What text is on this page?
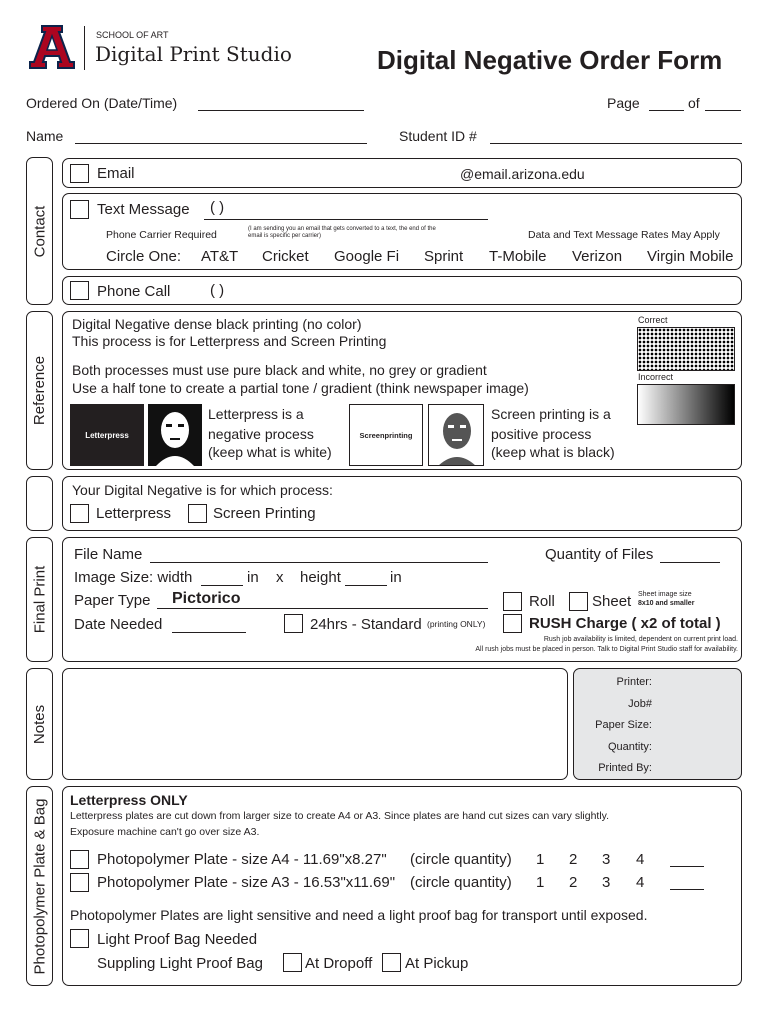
SCHOOL OF ART
Digital Print Studio	Digital Negative Order Form
Ordered On (Date/Time)	Page	of
Name	Student ID #
Contact
Email	@email.arizona.edu
Text Message ( )
Phone Carrier Required	(I am sending you an email that gets converted to a text, the end of the email is specific per carrier)	Data and Text Message Rates May Apply
Circle One: AT&T Cricket Google Fi Sprint T-Mobile Verizon Virgin Mobile
Phone Call	( )
Reference
Digital Negative dense black printing (no color)
This process is for Letterpress and Screen Printing
Both processes must use pure black and white, no grey or gradient
Use a half tone to create a partial tone / gradient (think newspaper image)
Correct
Incorrect
Letterpress
Letterpress is a
negative process
(keep what is white)
Screenprinting
Screen printing is a
positive process
(keep what is black)
Your Digital Negative is for which process:
Letterpress	Screen Printing
Final Print
File Name	Quantity of Files
Image Size: width	in x height	in
Paper Type Pictorico	Roll Sheet Sheet image size
8x10 and smaller
Date Needed	24hrs - Standard (printing ONLY)	RUSH Charge ( x2 of total )
Rush job availability is limited, dependent on current print load.
All rush jobs must be placed in person. Talk to Digital Print Studio staff for availability.
Notes
Printer:
Job#
Paper Size:
Quantity:
Printed By:
Photopolymer Plate & Bag Letterpress ONLY
Letterpress plates are cut down from larger size to create A4 or A3. Since plates are hand cut sizes can vary slightly.
Exposure machine can't go over size A3.
Photopolymer Plate - size A4 - 11.69"x8.27" (circle quantity) 1 2 3 4
Photopolymer Plate - size A3 - 16.53"x11.69" (circle quantity) 1 2 3 4
Photopolymer Plates are light sensitive and need a light proof bag for transport until exposed.
Light Proof Bag Needed
Suppling Light Proof Bag	At Dropoff At Pickup
